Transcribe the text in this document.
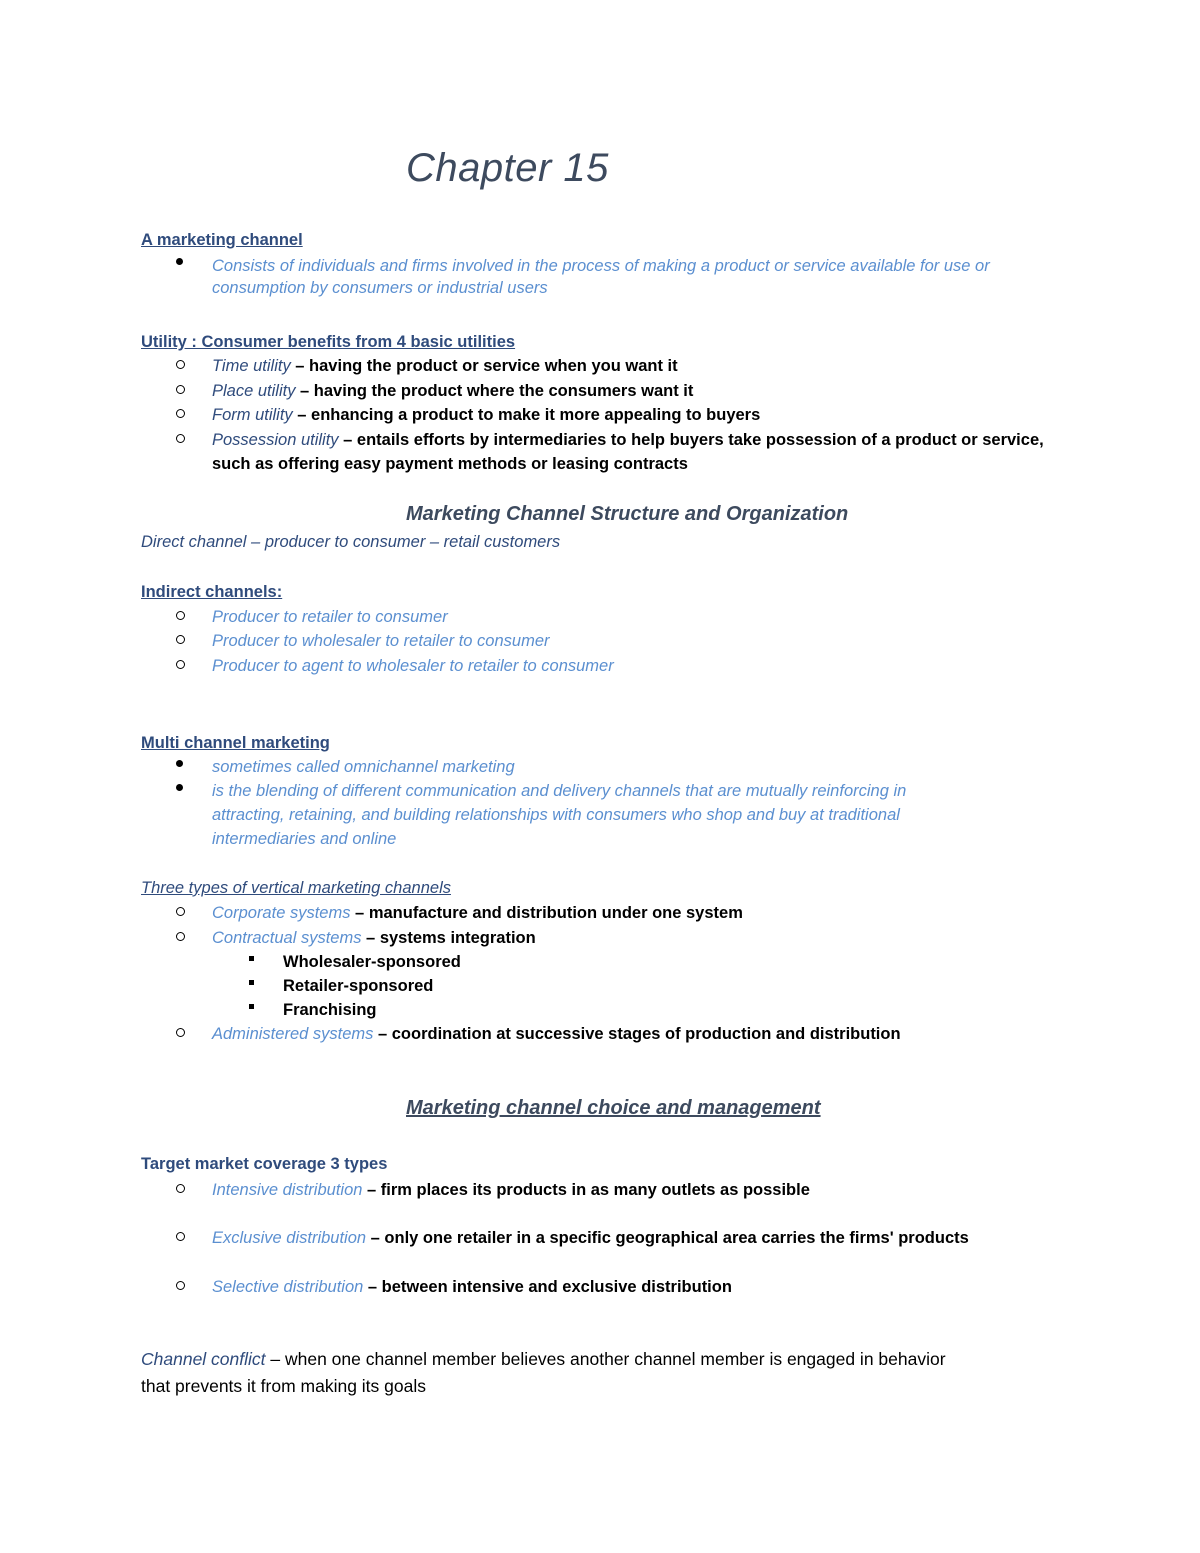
Chapter 15
A marketing channel
Consists of individuals and firms involved in the process of making a product or service available for use or
consumption by consumers or industrial users
Utility : Consumer benefits from 4 basic utilities
Time utility – having the product or service when you want it
Place utility – having the product where the consumers want it
Form utility – enhancing a product to make it more appealing to buyers
Possession utility – entails efforts by intermediaries to help buyers take possession of a product or service,
such as offering easy payment methods or leasing contracts
Marketing Channel Structure and Organization
Direct channel – producer to consumer – retail customers
Indirect channels:
Producer to retailer to consumer
Producer to wholesaler to retailer to consumer
Producer to agent to wholesaler to retailer to consumer
Multi channel marketing
sometimes called omnichannel marketing
is the blending of different communication and delivery channels that are mutually reinforcing in
attracting, retaining, and building relationships with consumers who shop and buy at traditional
intermediaries and online
Three types of vertical marketing channels
Corporate systems – manufacture and distribution under one system
Contractual systems – systems integration
Wholesaler-sponsored
Retailer-sponsored
Franchising
Administered systems – coordination at successive stages of production and distribution
Marketing channel choice and management
Target market coverage 3 types
Intensive distribution – firm places its products in as many outlets as possible
Exclusive distribution – only one retailer in a specific geographical area carries the firms' products
Selective distribution – between intensive and exclusive distribution
Channel conflict – when one channel member believes another channel member is engaged in behavior
that prevents it from making its goals
